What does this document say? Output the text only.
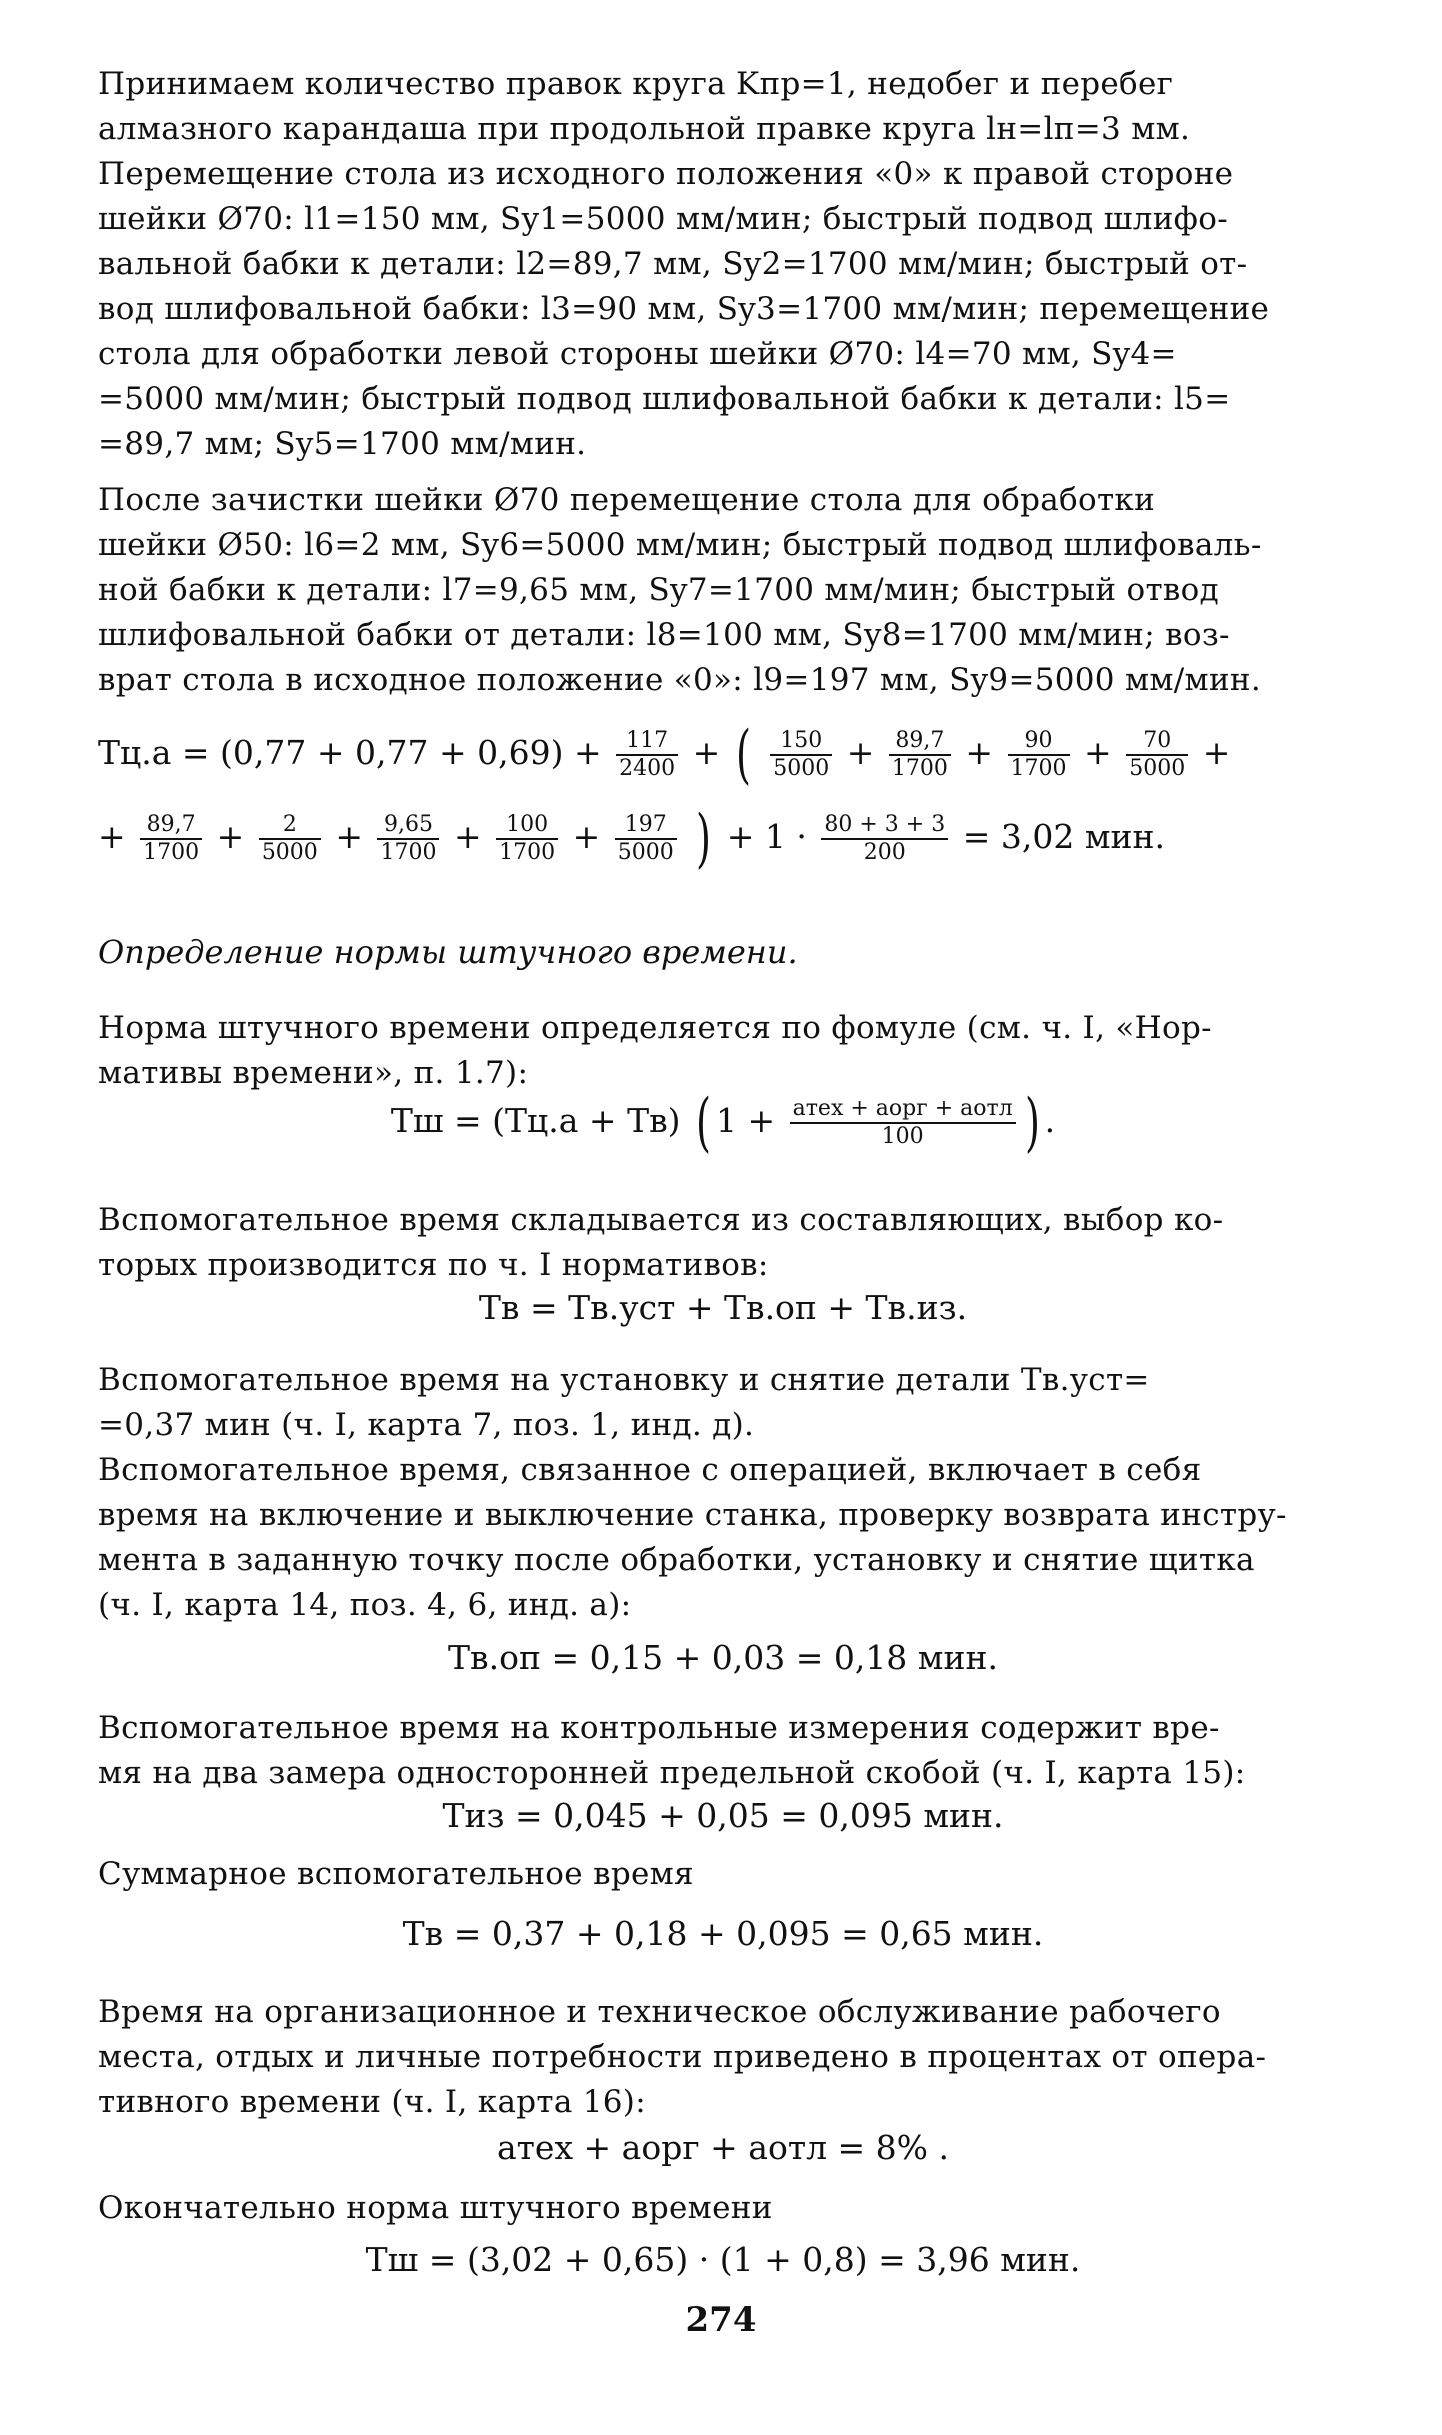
Принимаем количество правок круга Kпр=1, недобег и перебег

алмазного карандаша при продольной правке круга lн=lп=3 мм.

Перемещение стола из исходного положения «0» к правой стороне

шейки Ø70: l1=150 мм, Sy1=5000 мм/мин; быстрый подвод шлифо-

вальной бабки к детали: l2=89,7 мм, Sy2=1700 мм/мин; быстрый от-

вод шлифовальной бабки: l3=90 мм, Sy3=1700 мм/мин; перемещение

стола для обработки левой стороны шейки Ø70: l4=70 мм, Sy4=

=5000 мм/мин; быстрый подвод шлифовальной бабки к детали: l5=

=89,7 мм; Sy5=1700 мм/мин.

После зачистки шейки Ø70 перемещение стола для обработки

шейки Ø50: l6=2 мм, Sy6=5000 мм/мин; быстрый подвод шлифоваль-

ной бабки к детали: l7=9,65 мм, Sy7=1700 мм/мин; быстрый отвод

шлифовальной бабки от детали: l8=100 мм, Sy8=1700 мм/мин; воз-

врат стола в исходное положение «0»: l9=197 мм, Sy9=5000 мм/мин.

$Тц.а = (0,77 + 0,77 + 0,69) + \frac{117}{2400}$ + ( $\frac{150}{5000} + \frac{89,7}{1700} + \frac{90}{1700} + \frac{70}{5000}$ +
+ $\frac{89,7}{1700} + \frac{2}{5000} + \frac{9,65}{1700} + \frac{100}{1700} + \frac{197}{5000}$ ) + $1 \cdot \frac{80 + 3 + 3}{200} = 3,02$ мин.
Определение нормы штучного времени.

Норма штучного времени определяется по фомуле (см. ч. I, «Нор-

мативы времени», п. 1.7):

Тш = (Тц.а + Тв) ( $1 + \frac{\text{aтех + aорг + aотл}}{100}$ ) .

Вспомогательное время складывается из составляющих, выбор ко-

торых производится по ч. I нормативов:

Тв = Тв.уст + Тв.оп + Тв.из.

Вспомогательное время на установку и снятие детали Тв.уст=

=0,37 мин (ч. I, карта 7, поз. 1, инд. д).

Вспомогательное время, связанное с операцией, включает в себя

время на включение и выключение станка, проверку возврата инстру-

мента в заданную точку после обработки, установку и снятие щитка

(ч. I, карта 14, поз. 4, 6, инд. а):

Тв.оп = 0,15 + 0,03 = 0,18 мин.

Вспомогательное время на контрольные измерения содержит вре-

мя на два замера односторонней предельной скобой (ч. I, карта 15):

Тиз = 0,045 + 0,05 = 0,095 мин.
Суммарное вспомогательное время
Тв = 0,37 + 0,18 + 0,095 = 0,65 мин.

Время на организационное и техническое обслуживание рабочего

места, отдых и личные потребности приведено в процентах от опера-

тивного времени (ч. I, карта 16):

aтех + aорг + aотл = 8% .
Окончательно норма штучного времени
Тш = (3,02 + 0,65) · (1 + 0,8) = 3,96 мин.
274
